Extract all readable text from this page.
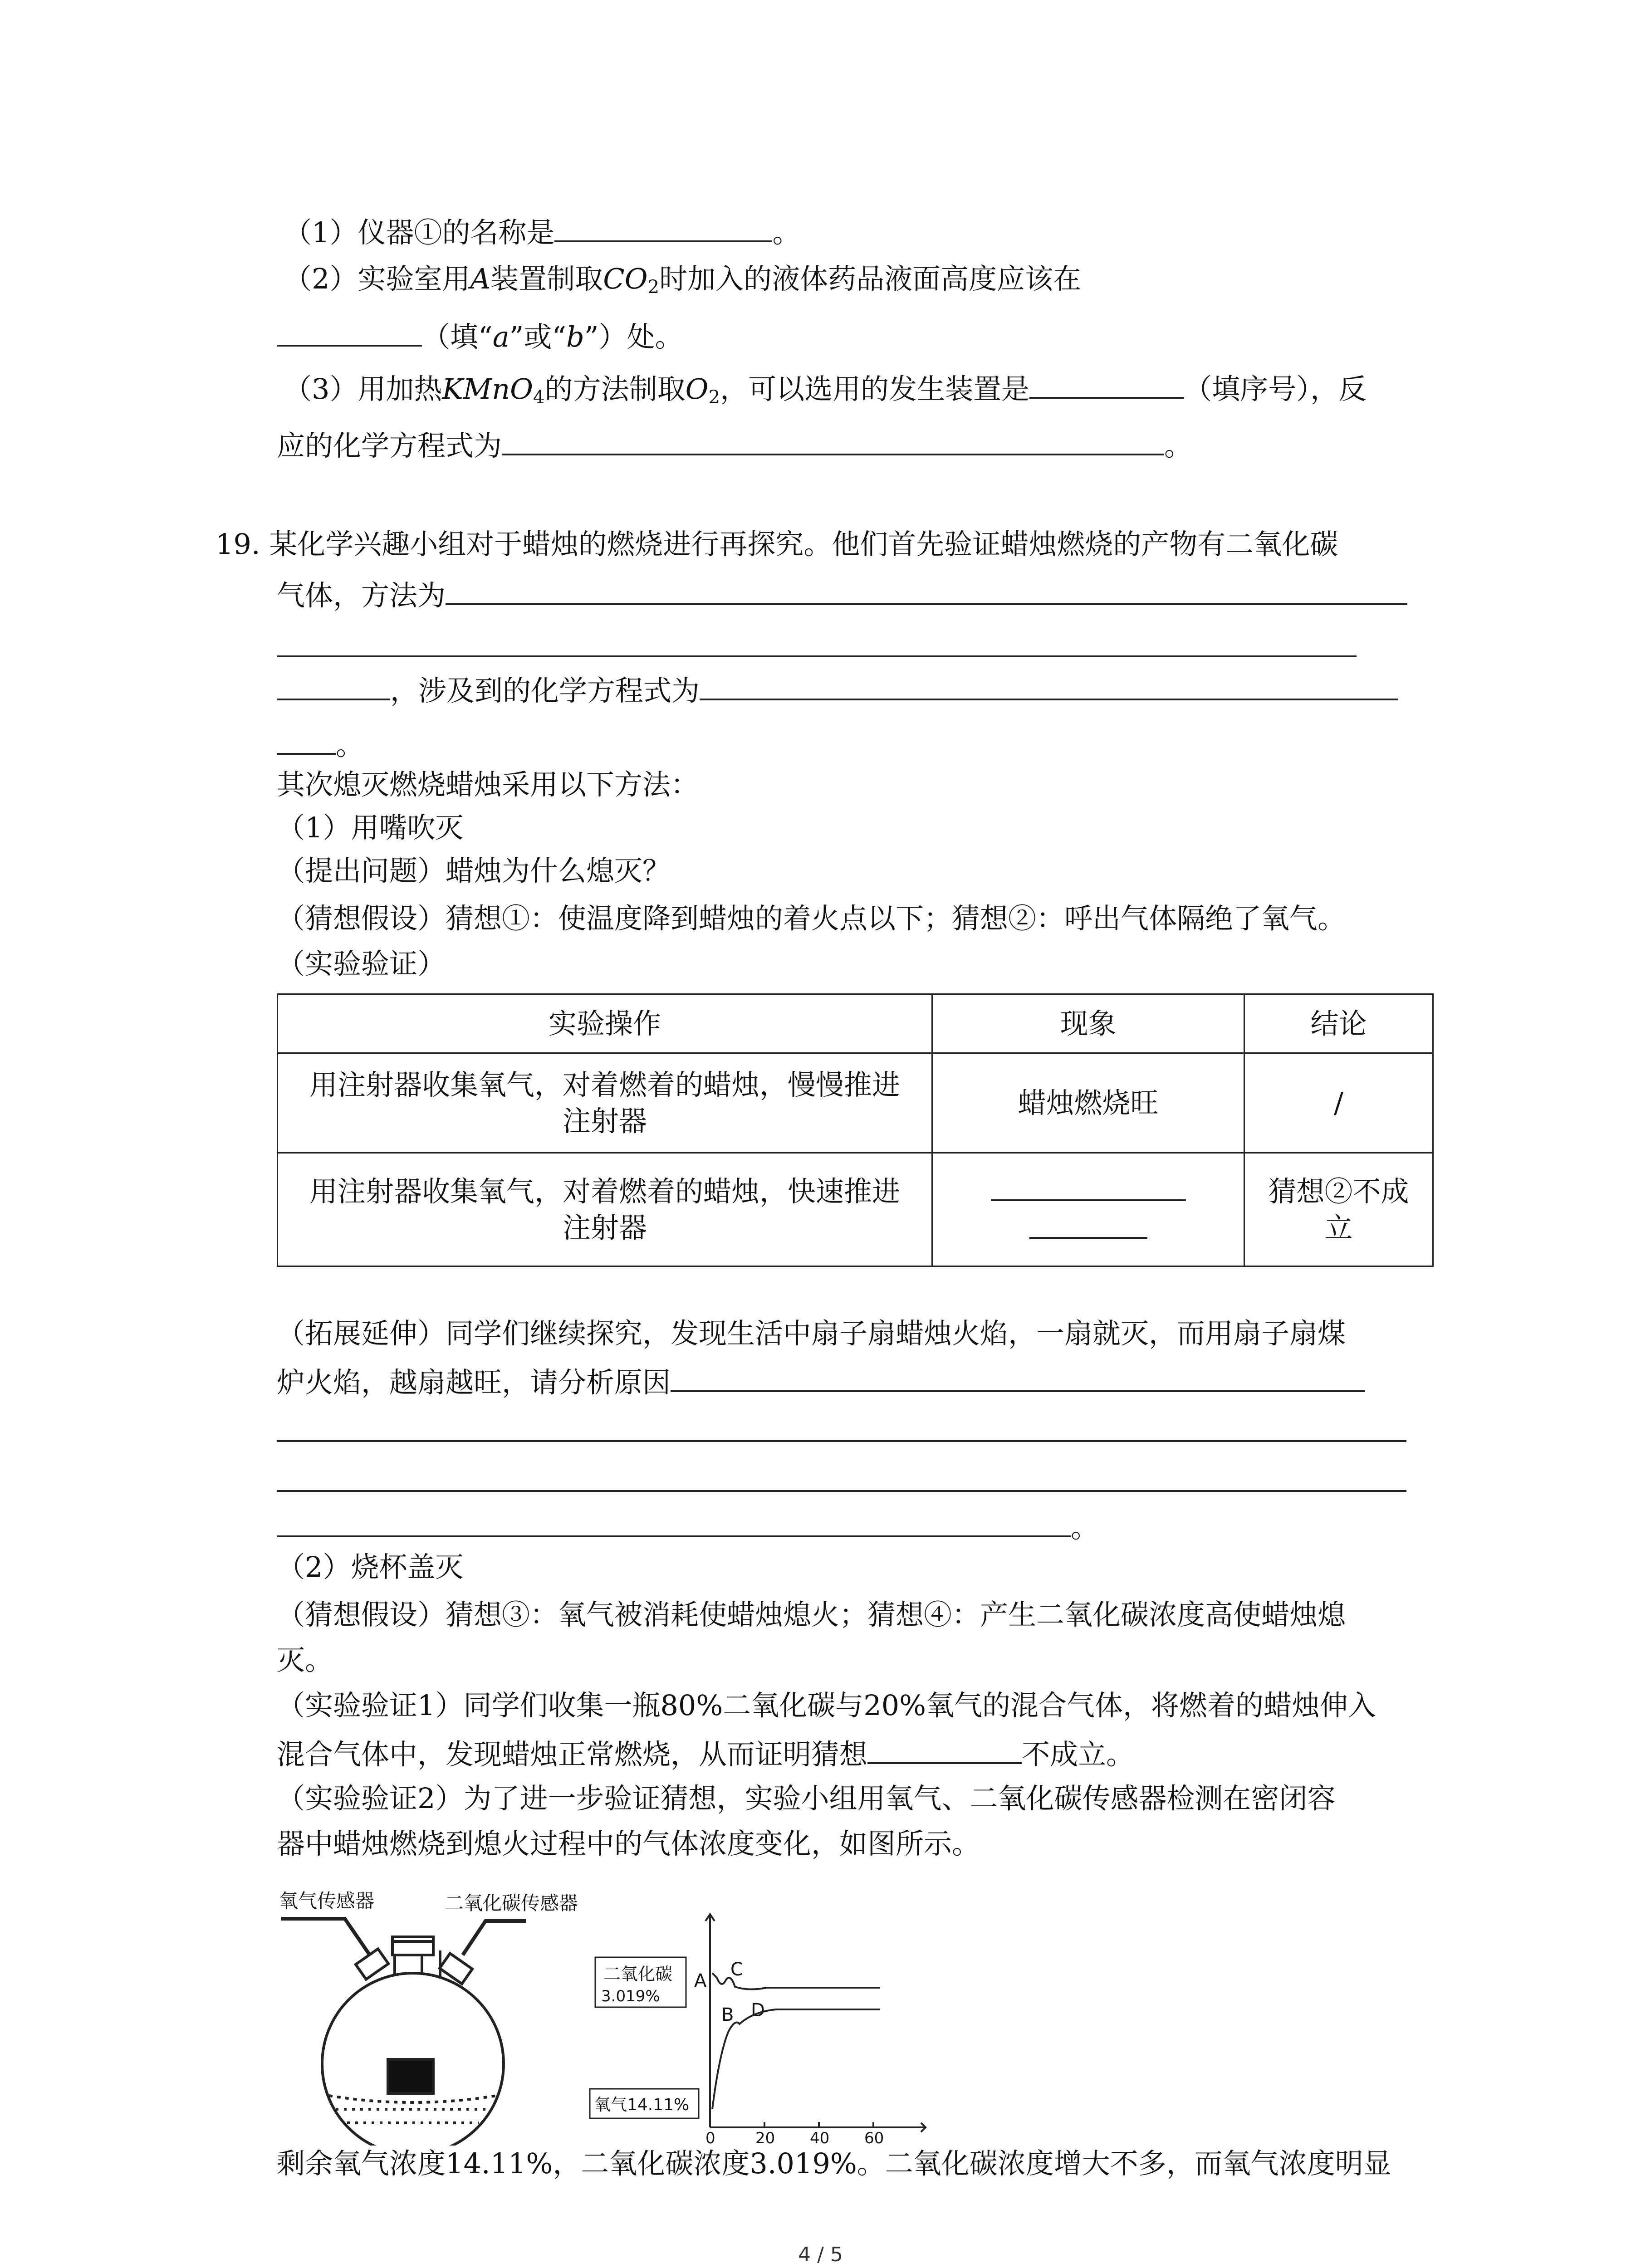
（1）仪器①的名称是	。
（2）实验室用A装置制取$CO_2$时加入的液体药品液面高度应该在
（填“a”或“b”）处。
（3）用加热KMnO$_4$的方法制取$O_2$，可以选用的发生装置是	（填序号），反
应的化学方程式为	。
19. 某化学兴趣小组对于蜡烛的燃烧进行再探究。他们首先验证蜡烛燃烧的产物有二氧化碳
气体，方法为
，涉及到的化学方程式为
。
其次熄灭燃烧蜡烛采用以下方法：
（1）用嘴吹灭
（提出问题）蜡烛为什么熄灭？
（猜想假设）猜想①：使温度降到蜡烛的着火点以下；猜想②：呼出气体隔绝了氧气。
（实验验证）
实验操作	现象	结论
用注射器收集氧气，对着燃着的蜡烛，慢慢推进
注射器	蜡烛燃烧旺	/
用注射器收集氧气，对着燃着的蜡烛，快速推进
注射器		猜想②不成
立
（拓展延伸）同学们继续探究，发现生活中扇子扇蜡烛火焰，一扇就灭，而用扇子扇煤
炉火焰，越扇越旺，请分析原因
。
（2）烧杯盖灭
（猜想假设）猜想③：氧气被消耗使蜡烛熄火；猜想④：产生二氧化碳浓度高使蜡烛熄
灭。
（实验验证1）同学们收集一瓶80%二氧化碳与20%氧气的混合气体，将燃着的蜡烛伸入
混合气体中，发现蜡烛正常燃烧，从而证明猜想	不成立。
（实验验证2）为了进一步验证猜想，实验小组用氧气、二氧化碳传感器检测在密闭容
器中蜡烛燃烧到熄火过程中的气体浓度变化，如图所示。
氧气传感器	二氧化碳传感器
二氧化碳
3.019%
氧气14.11%
A
B
C
D
0	20 40 60
剩余氧气浓度14.11%，二氧化碳浓度3.019%。二氧化碳浓度增大不多，而氧气浓度明显
4 / 5
